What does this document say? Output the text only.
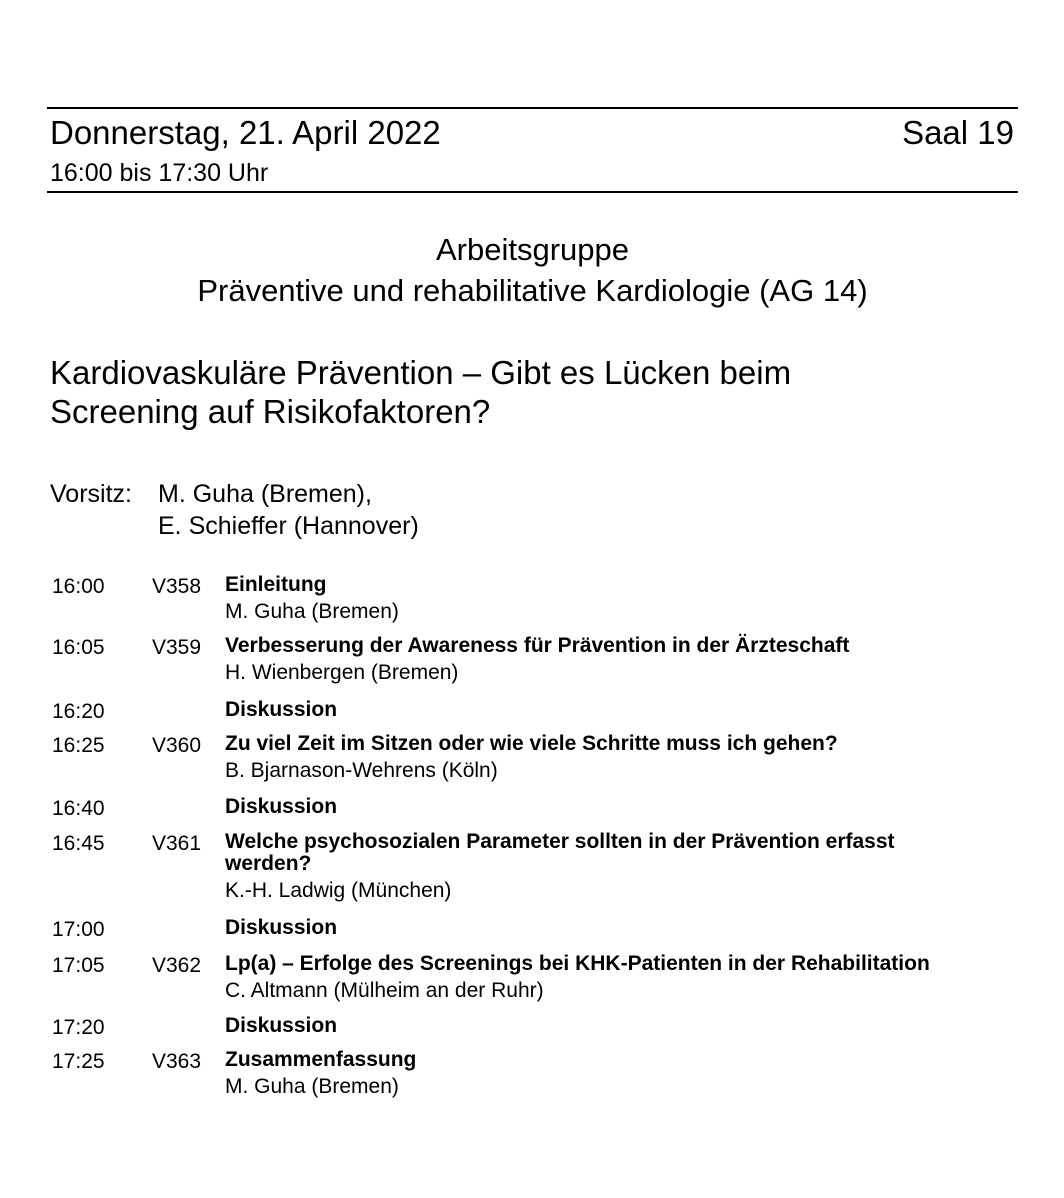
Donnerstag, 21. April 2022	Saal 19
16:00 bis 17:30 Uhr
Arbeitsgruppe
Präventive und rehabilitative Kardiologie (AG 14)
Kardiovaskuläre Prävention – Gibt es Lücken beim
Screening auf Risikofaktoren?
Vorsitz: M. Guha (Bremen),
E. Schieffer (Hannover)
16:00 V358 Einleitung
M. Guha (Bremen)
16:05 V359 Verbesserung der Awareness für Prävention in der Ärzteschaft
H. Wienbergen (Bremen)
16:20	Diskussion
16:25 V360 Zu viel Zeit im Sitzen oder wie viele Schritte muss ich gehen?
B. Bjarnason-Wehrens (Köln)
16:40	Diskussion
16:45 V361 Welche psychosozialen Parameter sollten in der Prävention erfasst
werden?
K.-H. Ladwig (München)
17:00	Diskussion
17:05 V362 Lp(a) – Erfolge des Screenings bei KHK-Patienten in der Rehabilitation
C. Altmann (Mülheim an der Ruhr)
17:20	Diskussion
17:25 V363 Zusammenfassung
M. Guha (Bremen)
